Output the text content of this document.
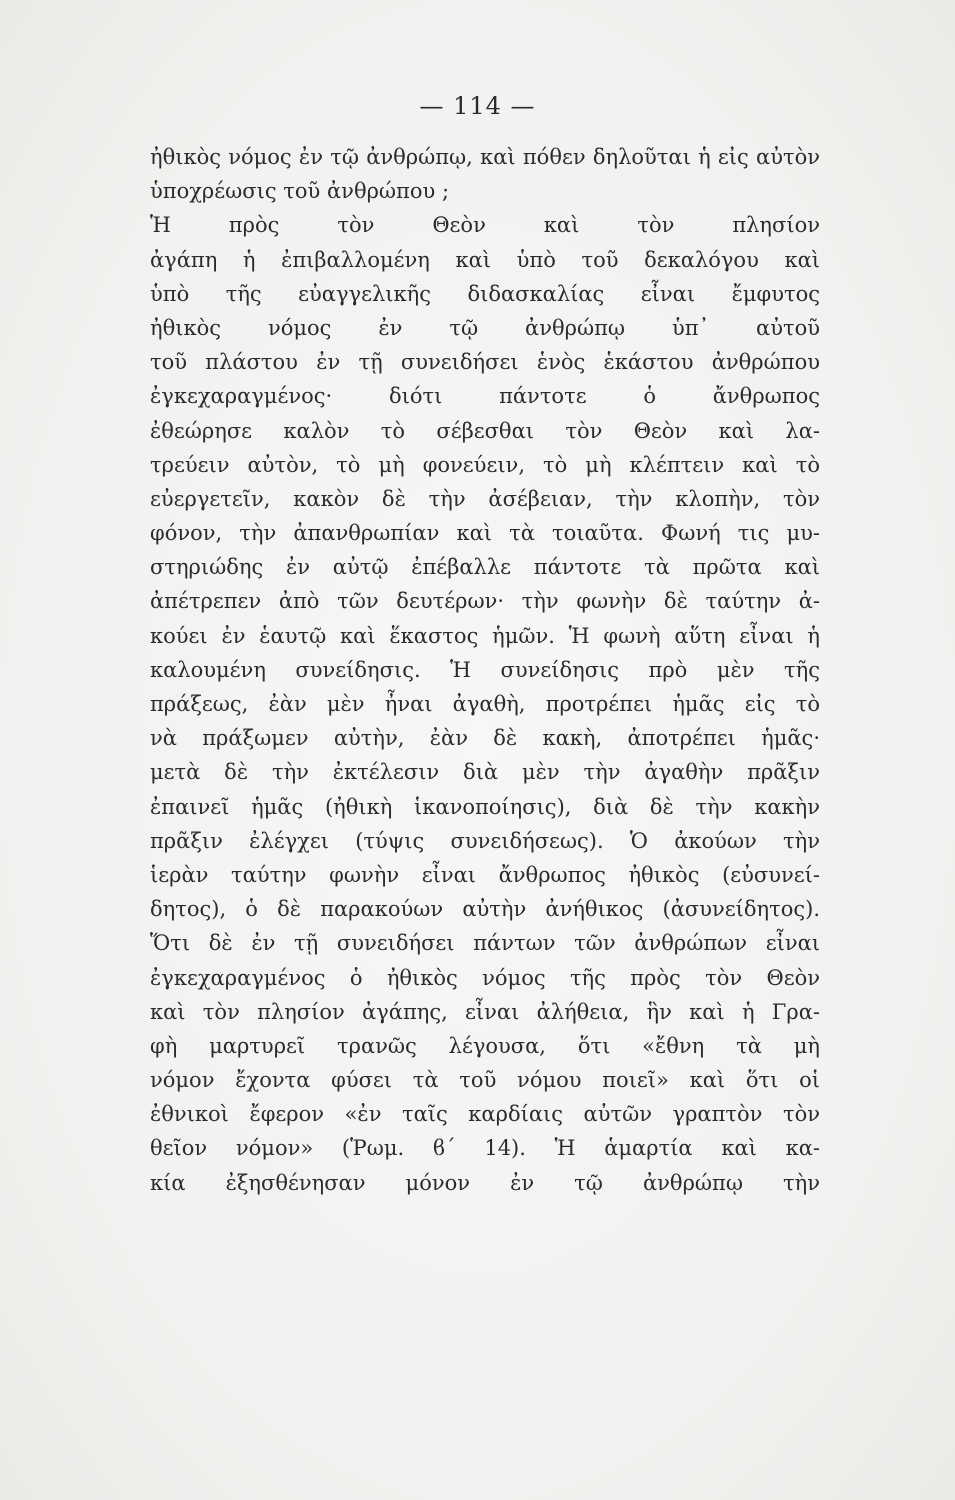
— 114 —
ἠθικὸς νόμος ἐν τῷ ἀνθρώπῳ, καὶ πόθεν δηλοῦται ἡ εἰς αὐτὸν
ὑποχρέωσις τοῦ ἀνθρώπου ;
Ἡ πρὸς τὸν Θεὸν καὶ τὸν πλησίον
ἀγάπη ἡ ἐπιβαλλομένη καὶ ὑπὸ τοῦ δεκαλόγου καὶ
ὑπὸ τῆς εὐαγγελικῆς διδασκαλίας εἶναι ἔμφυτος
ἠθικὸς νόμος ἐν τῷ ἀνθρώπῳ ὑπ᾽ αὐτοῦ
τοῦ πλάστου ἐν τῇ συνειδήσει ἑνὸς ἑκάστου ἀνθρώπου
ἐγκεχαραγμένος· διότι πάντοτε ὁ ἄνθρωπος
ἐθεώρησε καλὸν τὸ σέβεσθαι τὸν Θεὸν καὶ λα-
τρεύειν αὐτὸν, τὸ μὴ φονεύειν, τὸ μὴ κλέπτειν καὶ τὸ
εὐεργετεῖν, κακὸν δὲ τὴν ἀσέβειαν, τὴν κλοπὴν, τὸν
φόνον, τὴν ἀπανθρωπίαν καὶ τὰ τοιαῦτα. Φωνή τις μυ-
στηριώδης ἐν αὐτῷ ἐπέβαλλε πάντοτε τὰ πρῶτα καὶ
ἀπέτρεπεν ἀπὸ τῶν δευτέρων· τὴν φωνὴν δὲ ταύτην ἀ-
κούει ἐν ἑαυτῷ καὶ ἕκαστος ἡμῶν. Ἡ φωνὴ αὕτη εἶναι ἡ
καλουμένη συνείδησις. Ἡ συνείδησις πρὸ μὲν τῆς
πράξεως, ἐὰν μὲν ἦναι ἀγαθὴ, προτρέπει ἡμᾶς εἰς τὸ
νὰ πράξωμεν αὐτὴν, ἐὰν δὲ κακὴ, ἀποτρέπει ἡμᾶς·
μετὰ δὲ τὴν ἐκτέλεσιν διὰ μὲν τὴν ἀγαθὴν πρᾶξιν
ἐπαινεῖ ἡμᾶς (ἠθικὴ ἱκανοποίησις), διὰ δὲ τὴν κακὴν
πρᾶξιν ἐλέγχει (τύψις συνειδήσεως). Ὁ ἀκούων τὴν
ἱερὰν ταύτην φωνὴν εἶναι ἄνθρωπος ἠθικὸς (εὐσυνεί-
δητος), ὁ δὲ παρακούων αὐτὴν ἀνήθικος (ἀσυνείδητος).
Ὅτι δὲ ἐν τῇ συνειδήσει πάντων τῶν ἀνθρώπων εἶναι
ἐγκεχαραγμένος ὁ ἠθικὸς νόμος τῆς πρὸς τὸν Θεὸν
καὶ τὸν πλησίον ἀγάπης, εἶναι ἀλήθεια, ἣν καὶ ἡ Γρα-
φὴ μαρτυρεῖ τρανῶς λέγουσα, ὅτι «ἔθνη τὰ μὴ
νόμον ἔχοντα φύσει τὰ τοῦ νόμου ποιεῖ» καὶ ὅτι οἱ
ἐθνικοὶ ἔφερον «ἐν ταῖς καρδίαις αὐτῶν γραπτὸν τὸν
θεῖον νόμον» (Ῥωμ. ϐ΄ 14). Ἡ ἁμαρτία καὶ κα-
κία ἐξησθένησαν μόνον ἐν τῷ ἀνθρώπῳ τὴν
